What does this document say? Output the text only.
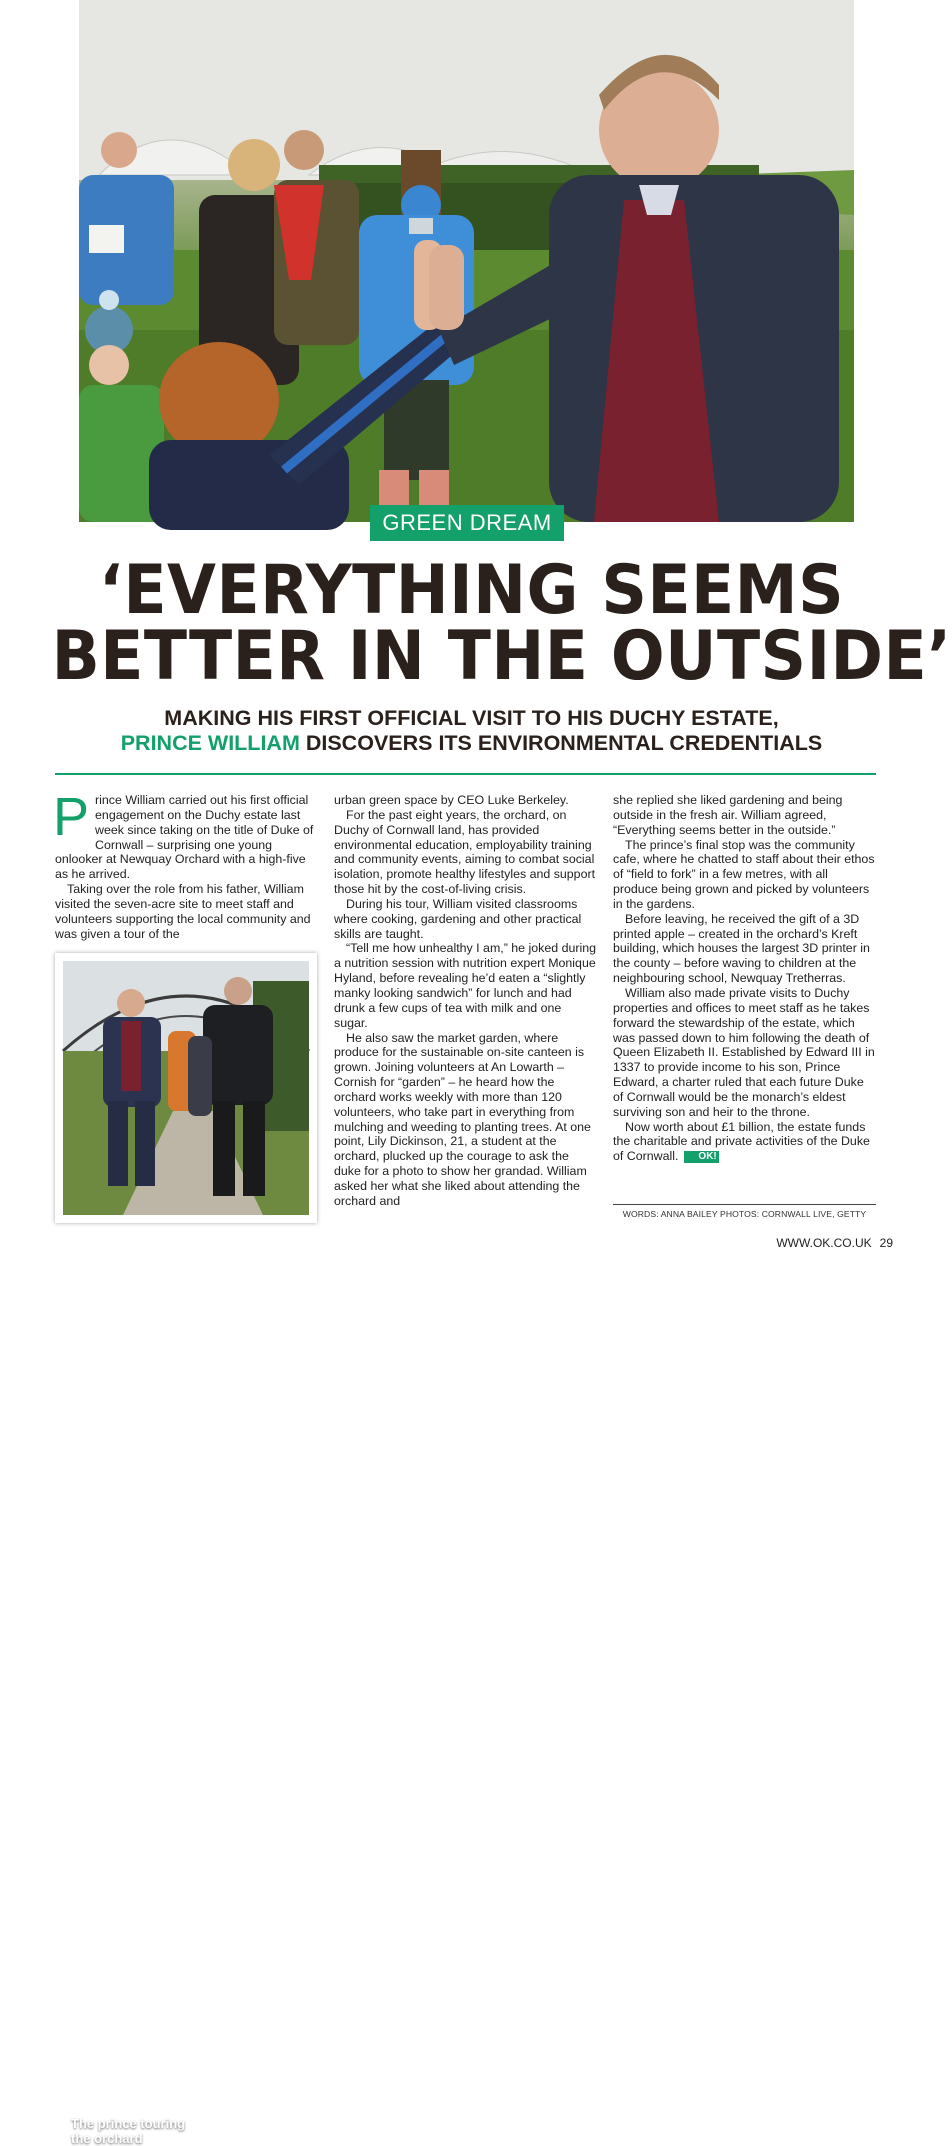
GREEN DREAM
‘EVERYTHING SEEMS
BETTER IN THE OUTSIDE’
MAKING HIS FIRST OFFICIAL VISIT TO HIS DUCHY ESTATE,
PRINCE WILLIAM DISCOVERS ITS ENVIRONMENTAL CREDENTIALS

Prince William carried out his first official engagement on the Duchy estate last week since taking on the title of Duke of Cornwall – surprising one young onlooker at Newquay Orchard with a high-five as he arrived.

Taking over the role from his father, William visited the seven-acre site to meet staff and volunteers supporting the local community and was given a tour of the

The prince touring the orchard

urban green space by CEO Luke Berkeley.

For the past eight years, the orchard, on Duchy of Cornwall land, has provided environmental education, employability training and community events, aiming to combat social isolation, promote healthy lifestyles and support those hit by the cost-of-living crisis.

During his tour, William visited classrooms where cooking, gardening and other practical skills are taught.

“Tell me how unhealthy I am,” he joked during a nutrition session with nutrition expert Monique Hyland, before revealing he’d eaten a “slightly manky looking sandwich” for lunch and had drunk a few cups of tea with milk and one sugar.

He also saw the market garden, where produce for the sustainable on-site canteen is grown. Joining volunteers at An Lowarth – Cornish for “garden” – he heard how the orchard works weekly with more than 120 volunteers, who take part in everything from mulching and weeding to planting trees. At one point, Lily Dickinson, 21, a student at the orchard, plucked up the courage to ask the duke for a photo to show her grandad. William asked her what she liked about attending the orchard and

she replied she liked gardening and being outside in the fresh air. William agreed, “Everything seems better in the outside.”

The prince’s final stop was the community cafe, where he chatted to staff about their ethos of “field to fork” in a few metres, with all produce being grown and picked by volunteers in the gardens.

Before leaving, he received the gift of a 3D printed apple – created in the orchard’s Kreft building, which houses the largest 3D printer in the county – before waving to children at the neighbouring school, Newquay Tretherras.

William also made private visits to Duchy properties and offices to meet staff as he takes forward the stewardship of the estate, which was passed down to him following the death of Queen Elizabeth II. Established by Edward III in 1337 to provide income to his son, Prince Edward, a charter ruled that each future Duke of Cornwall would be the monarch’s eldest surviving son and heir to the throne.

Now worth about £1 billion, the estate funds the charitable and private activities of the Duke of Cornwall. OK!

WORDS: ANNA BAILEY PHOTOS: CORNWALL LIVE, GETTY
WWW.OK.CO.UK 29
